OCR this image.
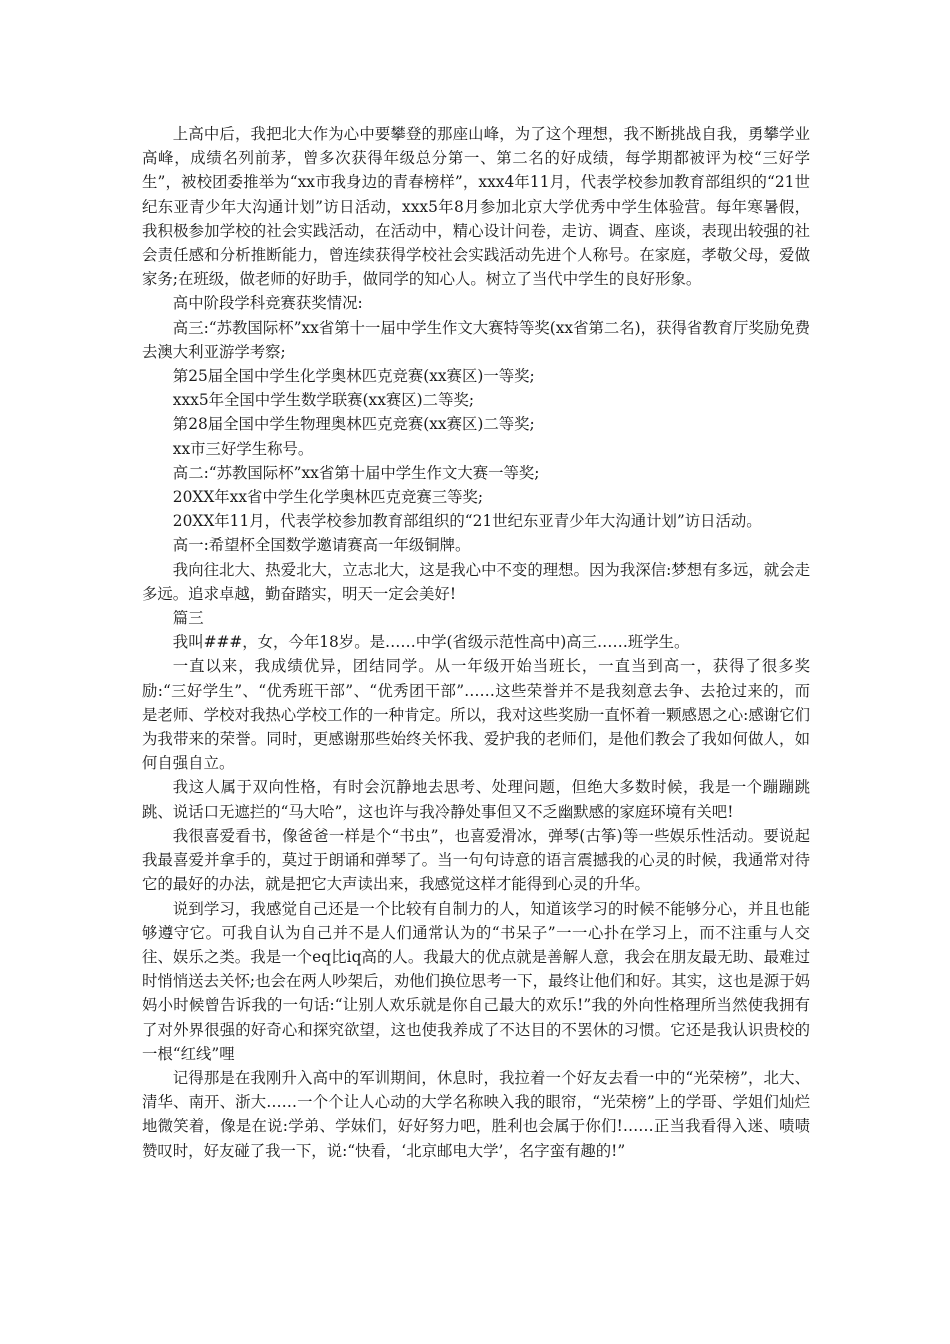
上高中后，我把北大作为心中要攀登的那座山峰，为了这个理想，我不断挑战自我，勇攀学业高峰，成绩名列前茅，曾多次获得年级总分第一、第二名的好成绩，每学期都被评为校“三好学生”，被校团委推举为“xx市我身边的青春榜样”，xxx4年11月，代表学校参加教育部组织的“21世纪东亚青少年大沟通计划”访日活动，xxx5年8月参加北京大学优秀中学生体验营。每年寒暑假，我积极参加学校的社会实践活动，在活动中，精心设计问卷，走访、调查、座谈，表现出较强的社会责任感和分析推断能力，曾连续获得学校社会实践活动先进个人称号。在家庭，孝敬父母，爱做家务;在班级，做老师的好助手，做同学的知心人。树立了当代中学生的良好形象。

高中阶段学科竞赛获奖情况:

高三:“苏教国际杯”xx省第十一届中学生作文大赛特等奖(xx省第二名)，获得省教育厅奖励免费去澳大利亚游学考察;

第25届全国中学生化学奥林匹克竞赛(xx赛区)一等奖;

xxx5年全国中学生数学联赛(xx赛区)二等奖;

第28届全国中学生物理奥林匹克竞赛(xx赛区)二等奖;

xx市三好学生称号。

高二:“苏教国际杯”xx省第十届中学生作文大赛一等奖;

20XX年xx省中学生化学奥林匹克竞赛三等奖;

20XX年11月，代表学校参加教育部组织的“21世纪东亚青少年大沟通计划”访日活动。

高一:希望杯全国数学邀请赛高一年级铜牌。

我向往北大、热爱北大，立志北大，这是我心中不变的理想。因为我深信:梦想有多远，就会走多远。追求卓越，勤奋踏实，明天一定会美好!

篇三

我叫###，女，今年18岁。是……中学(省级示范性高中)高三……班学生。

一直以来，我成绩优异，团结同学。从一年级开始当班长，一直当到高一，获得了很多奖励:“三好学生”、“优秀班干部”、“优秀团干部”……这些荣誉并不是我刻意去争、去抢过来的，而是老师、学校对我热心学校工作的一种肯定。所以，我对这些奖励一直怀着一颗感恩之心:感谢它们为我带来的荣誉。同时，更感谢那些始终关怀我、爱护我的老师们，是他们教会了我如何做人，如何自强自立。

我这人属于双向性格，有时会沉静地去思考、处理问题，但绝大多数时候，我是一个蹦蹦跳跳、说话口无遮拦的“马大哈”，这也许与我冷静处事但又不乏幽默感的家庭环境有关吧!

我很喜爱看书，像爸爸一样是个“书虫”，也喜爱滑冰，弹琴(古筝)等一些娱乐性活动。要说起我最喜爱并拿手的，莫过于朗诵和弹琴了。当一句句诗意的语言震撼我的心灵的时候，我通常对待它的最好的办法，就是把它大声读出来，我感觉这样才能得到心灵的升华。

说到学习，我感觉自己还是一个比较有自制力的人，知道该学习的时候不能够分心，并且也能够遵守它。可我自认为自己并不是人们通常认为的“书呆子”一一心扑在学习上，而不注重与人交往、娱乐之类。我是一个eq比iq高的人。我最大的优点就是善解人意，我会在朋友最无助、最难过时悄悄送去关怀;也会在两人吵架后，劝他们换位思考一下，最终让他们和好。其实，这也是源于妈妈小时候曾告诉我的一句话:“让别人欢乐就是你自己最大的欢乐!”我的外向性格理所当然使我拥有了对外界很强的好奇心和探究欲望，这也使我养成了不达目的不罢休的习惯。它还是我认识贵校的一根“红线”哩

记得那是在我刚升入高中的军训期间，休息时，我拉着一个好友去看一中的“光荣榜”，北大、清华、南开、浙大……一个个让人心动的大学名称映入我的眼帘，“光荣榜”上的学哥、学姐们灿烂地微笑着，像是在说:学弟、学妹们，好好努力吧，胜利也会属于你们!……正当我看得入迷、啧啧赞叹时，好友碰了我一下，说:“快看，‘北京邮电大学’，名字蛮有趣的!”
